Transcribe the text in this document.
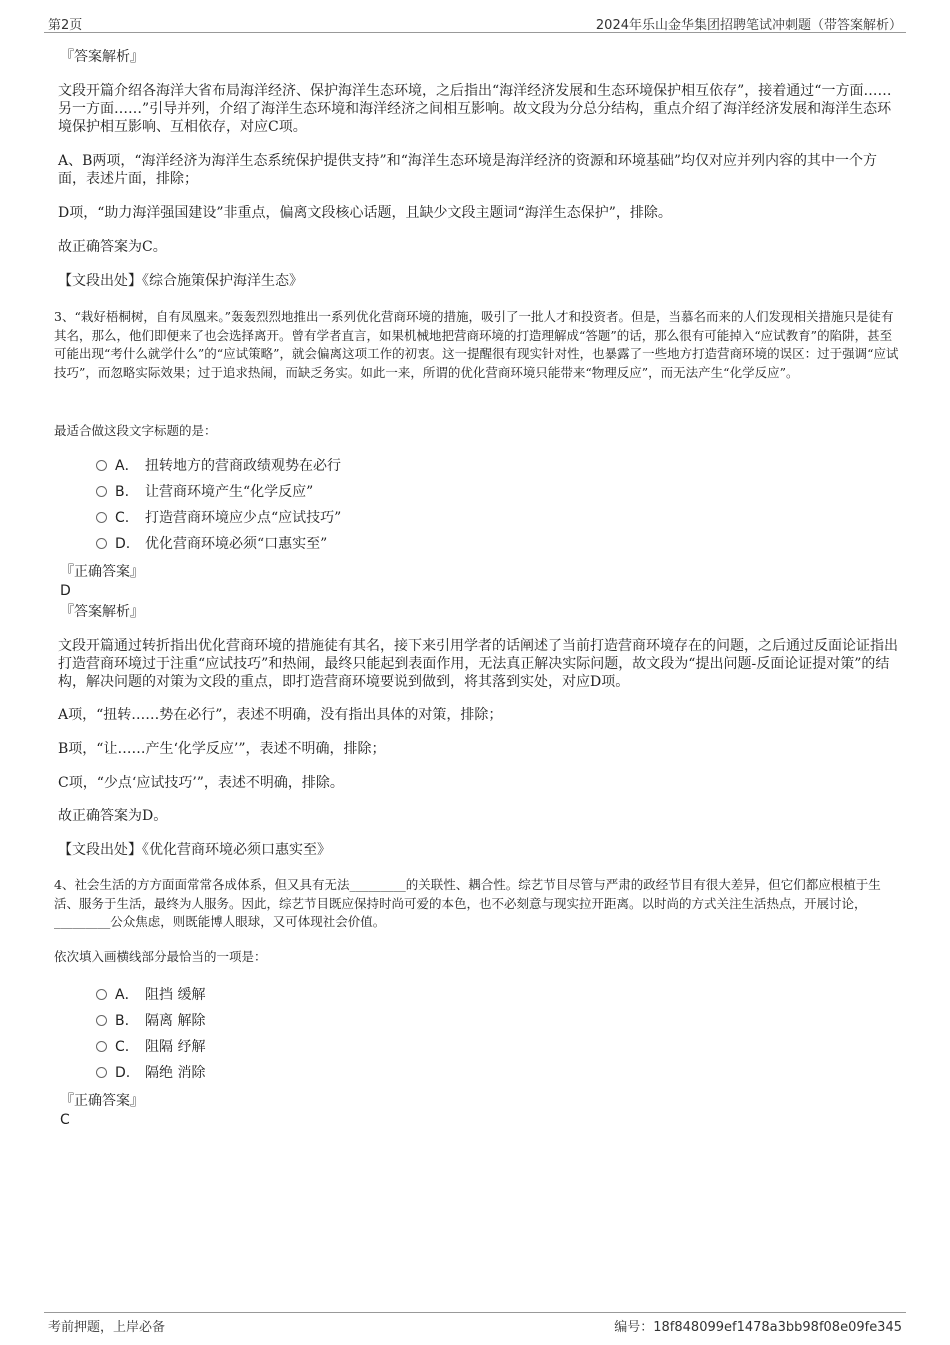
第2页	2024年乐山金华集团招聘笔试冲刺题（带答案解析）
『答案解析』
文段开篇介绍各海洋大省布局海洋经济、保护海洋生态环境，之后指出“海洋经济发展和生态环境保护相互依存”，接着通过“一方面……另一方面……”引导并列，介绍了海洋生态环境和海洋经济之间相互影响。故文段为分总分结构，重点介绍了海洋经济发展和海洋生态环境保护相互影响、互相依存，对应C项。
A、B两项，“海洋经济为海洋生态系统保护提供支持”和“海洋生态环境是海洋经济的资源和环境基础”均仅对应并列内容的其中一个方面，表述片面，排除；
D项，“助力海洋强国建设”非重点，偏离文段核心话题，且缺少文段主题词“海洋生态保护”，排除。
故正确答案为C。
【文段出处】《综合施策保护海洋生态》
3、“栽好梧桐树，自有凤凰来。”轰轰烈烈地推出一系列优化营商环境的措施，吸引了一批人才和投资者。但是，当慕名而来的人们发现相关措施只是徒有其名，那么，他们即便来了也会选择离开。曾有学者直言，如果机械地把营商环境的打造理解成“答题”的话，那么很有可能掉入“应试教育”的陷阱，甚至可能出现“考什么就学什么”的“应试策略”，就会偏离这项工作的初衷。这一提醒很有现实针对性，也暴露了一些地方打造营商环境的误区：过于强调“应试技巧”，而忽略实际效果；过于追求热闹，而缺乏务实。如此一来，所谓的优化营商环境只能带来“物理反应”，而无法产生“化学反应”。
最适合做这段文字标题的是：
A． 扭转地方的营商政绩观势在必行
B. 让营商环境产生“化学反应”
C. 打造营商环境应少点“应试技巧”
D. 优化营商环境必须“口惠实至”
『正确答案』
D
『答案解析』
文段开篇通过转折指出优化营商环境的措施徒有其名，接下来引用学者的话阐述了当前打造营商环境存在的问题，之后通过反面论证指出打造营商环境过于注重“应试技巧”和热闹，最终只能起到表面作用，无法真正解决实际问题，故文段为“提出问题-反面论证提对策”的结构，解决问题的对策为文段的重点，即打造营商环境要说到做到，将其落到实处，对应D项。
A项，“扭转……势在必行”，表述不明确，没有指出具体的对策，排除；
B项，“让……产生‘化学反应’”，表述不明确，排除；
C项，“少点‘应试技巧’”，表述不明确，排除。
故正确答案为D。
【文段出处】《优化营商环境必须口惠实至》
4、社会生活的方方面面常常各成体系，但又具有无法_________的关联性、耦合性。综艺节目尽管与严肃的政经节目有很大差异，但它们都应根植于生活、服务于生活，最终为人服务。因此，综艺节目既应保持时尚可爱的本色，也不必刻意与现实拉开距离。以时尚的方式关注生活热点，开展讨论，_________公众焦虑，则既能博人眼球，又可体现社会价值。
依次填入画横线部分最恰当的一项是：
A． 阻挡 缓解
B. 隔离 解除
C. 阻隔 纾解
D. 隔绝 消除
『正确答案』
C
考前押题，上岸必备	编号：18f848099ef1478a3bb98f08e09fe345
